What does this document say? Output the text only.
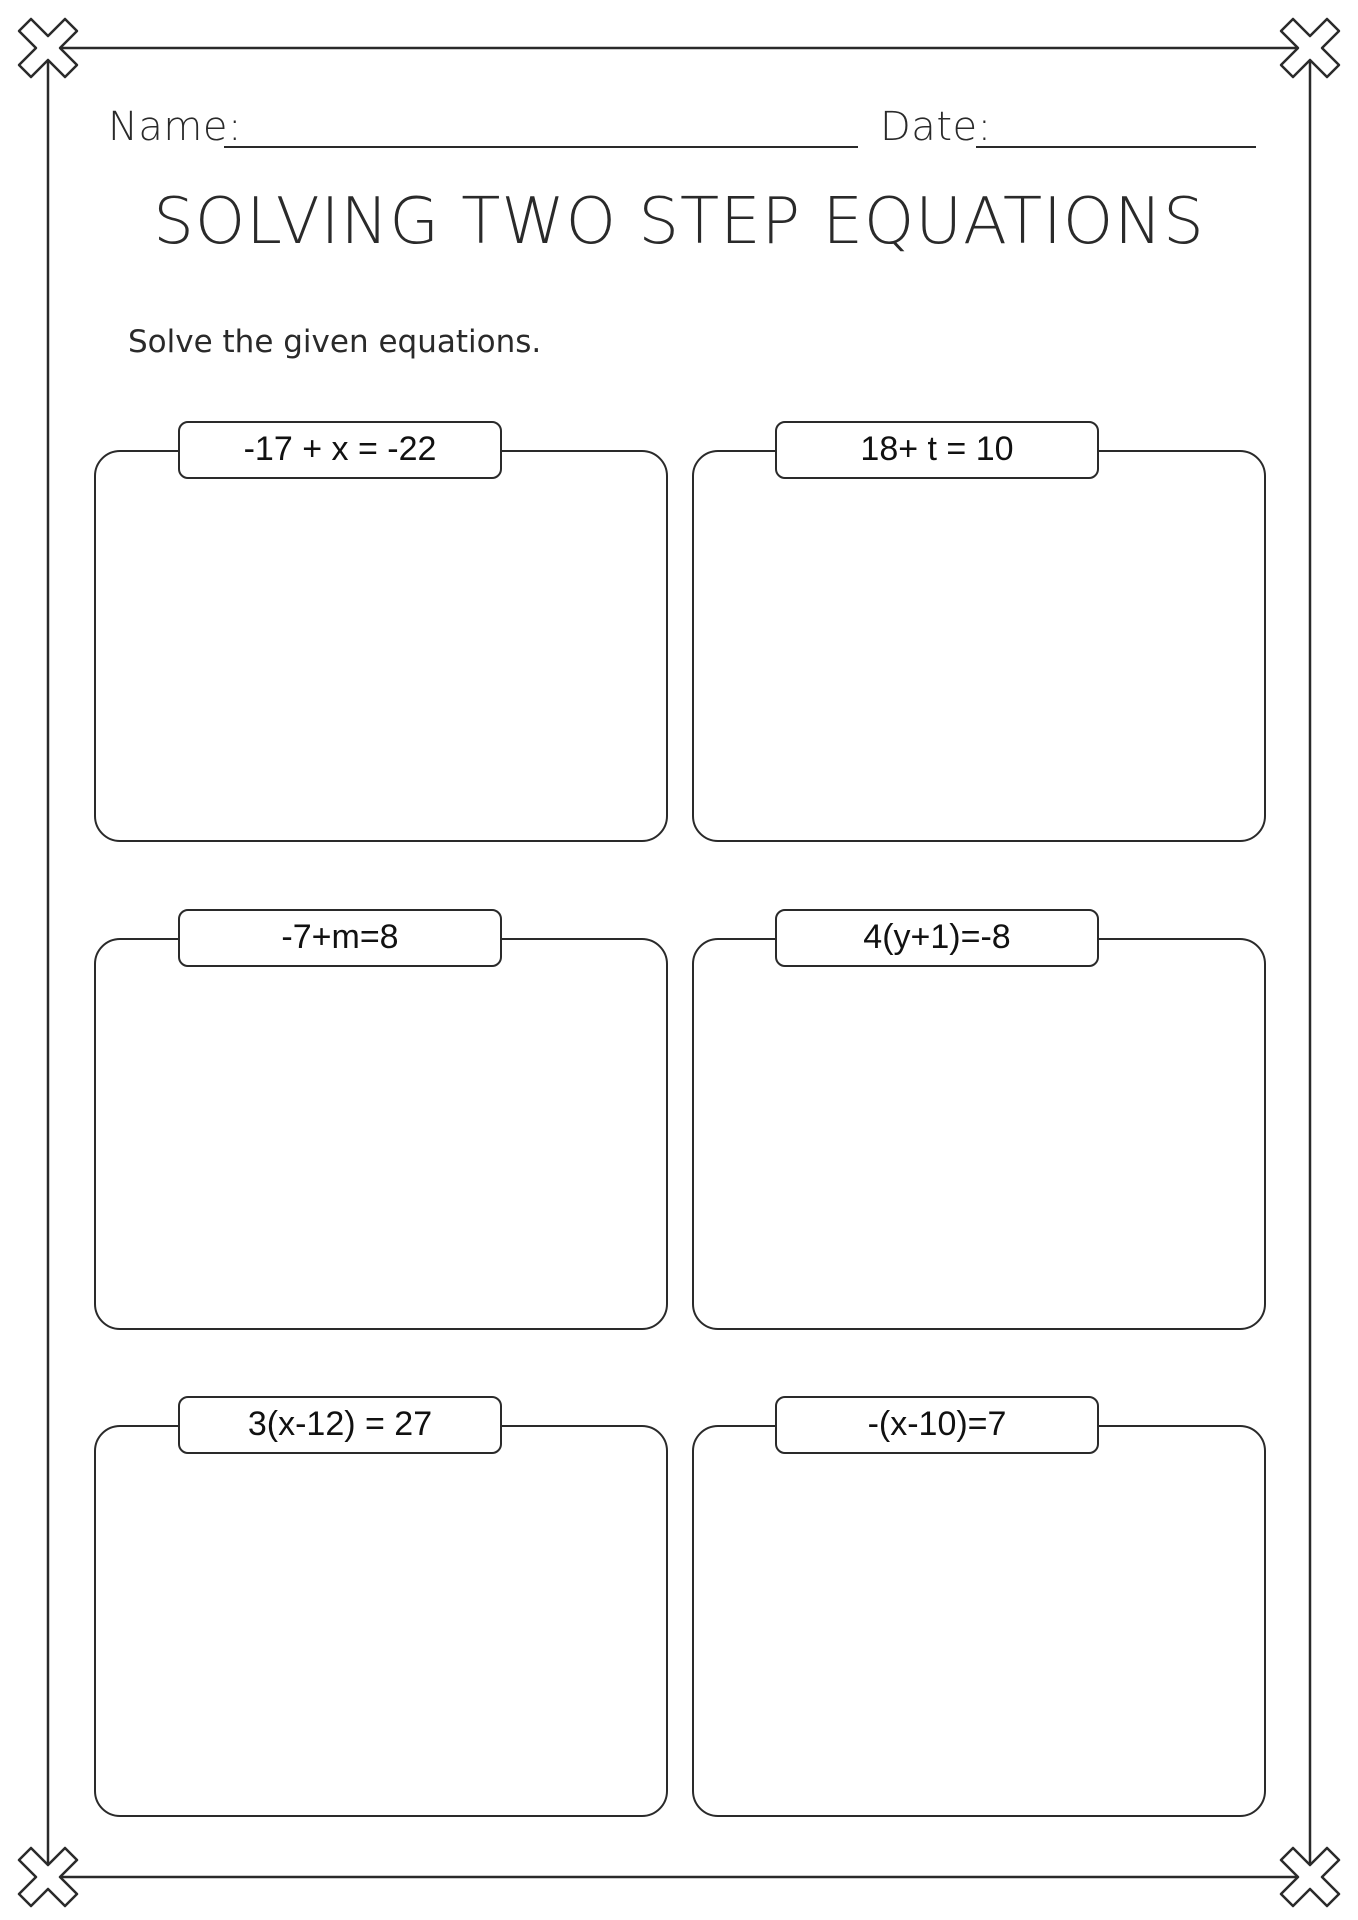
Name:	Date:
SOLVING TWO STEP EQUATIONS
Solve the given equations.
-17 + x = -22	18+ t = 10
-7+m=8	4(y+1)=-8
3(x-12) = 27	-(x-10)=7
